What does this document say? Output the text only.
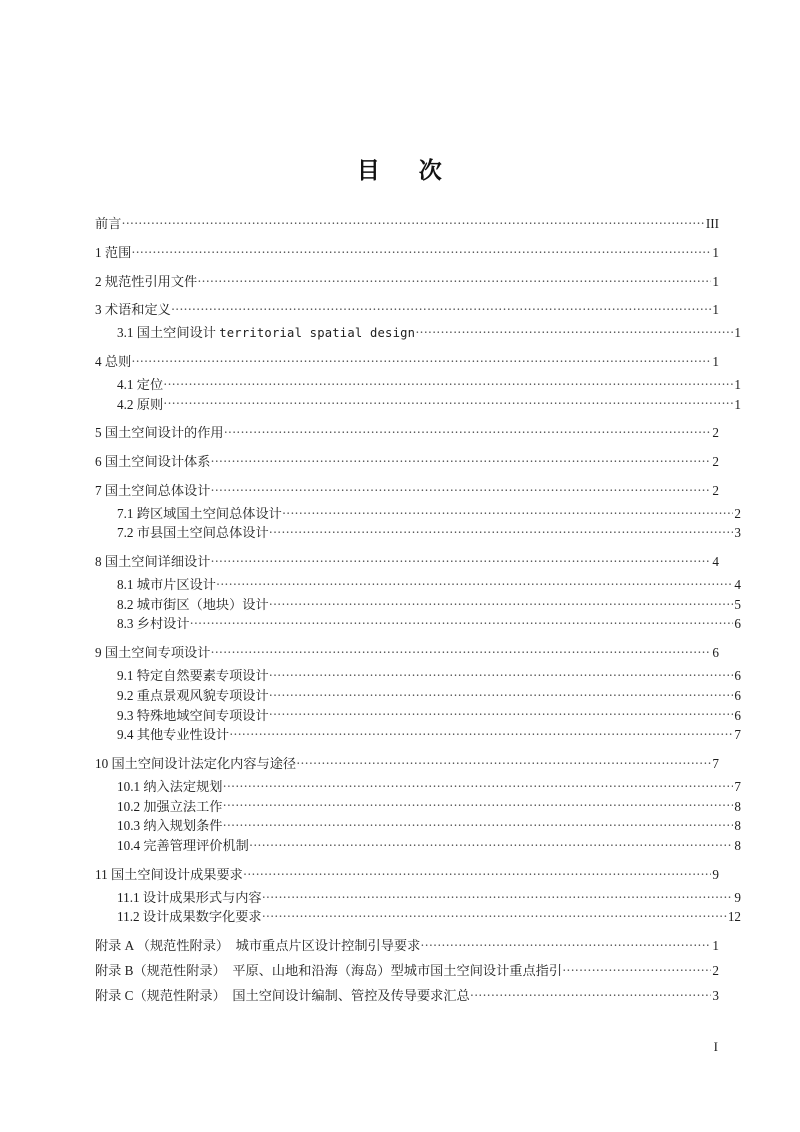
目    次
前言 .....	III
1 范围 .....	1
2 规范性引用文件 .....	1
3 术语和定义 .....	1
3.1 国土空间设计 territorial spatial design .....	1
4 总则 .....	1
4.1 定位 .....	1
4.2 原则 .....	1
5 国土空间设计的作用 .....	2
6 国土空间设计体系 .....	2
7 国土空间总体设计 .....	2
7.1 跨区域国土空间总体设计 .....	2
7.2 市县国土空间总体设计 .....	3
8 国土空间详细设计 .....	4
8.1 城市片区设计 .....	4
8.2 城市街区（地块）设计 .....	5
8.3 乡村设计 .....	6
9 国土空间专项设计 .....	6
9.1 特定自然要素专项设计 .....	6
9.2 重点景观风貌专项设计 .....	6
9.3 特殊地域空间专项设计 .....	6
9.4 其他专业性设计 .....	7
10 国土空间设计法定化内容与途径 .....	7
10.1 纳入法定规划 .....	7
10.2 加强立法工作 .....	8
10.3 纳入规划条件 .....	8
10.4 完善管理评价机制 .....	8
11 国土空间设计成果要求 .....	9
11.1 设计成果形式与内容 .....	9
11.2 设计成果数字化要求 .....	12
附录 A （规范性附录）  城市重点片区设计控制引导要求 .....	1
附录 B（规范性附录）  平原、山地和沿海（海岛）型城市国土空间设计重点指引 .....	2
附录 C（规范性附录）  国土空间设计编制、管控及传导要求汇总 .....	3
I
